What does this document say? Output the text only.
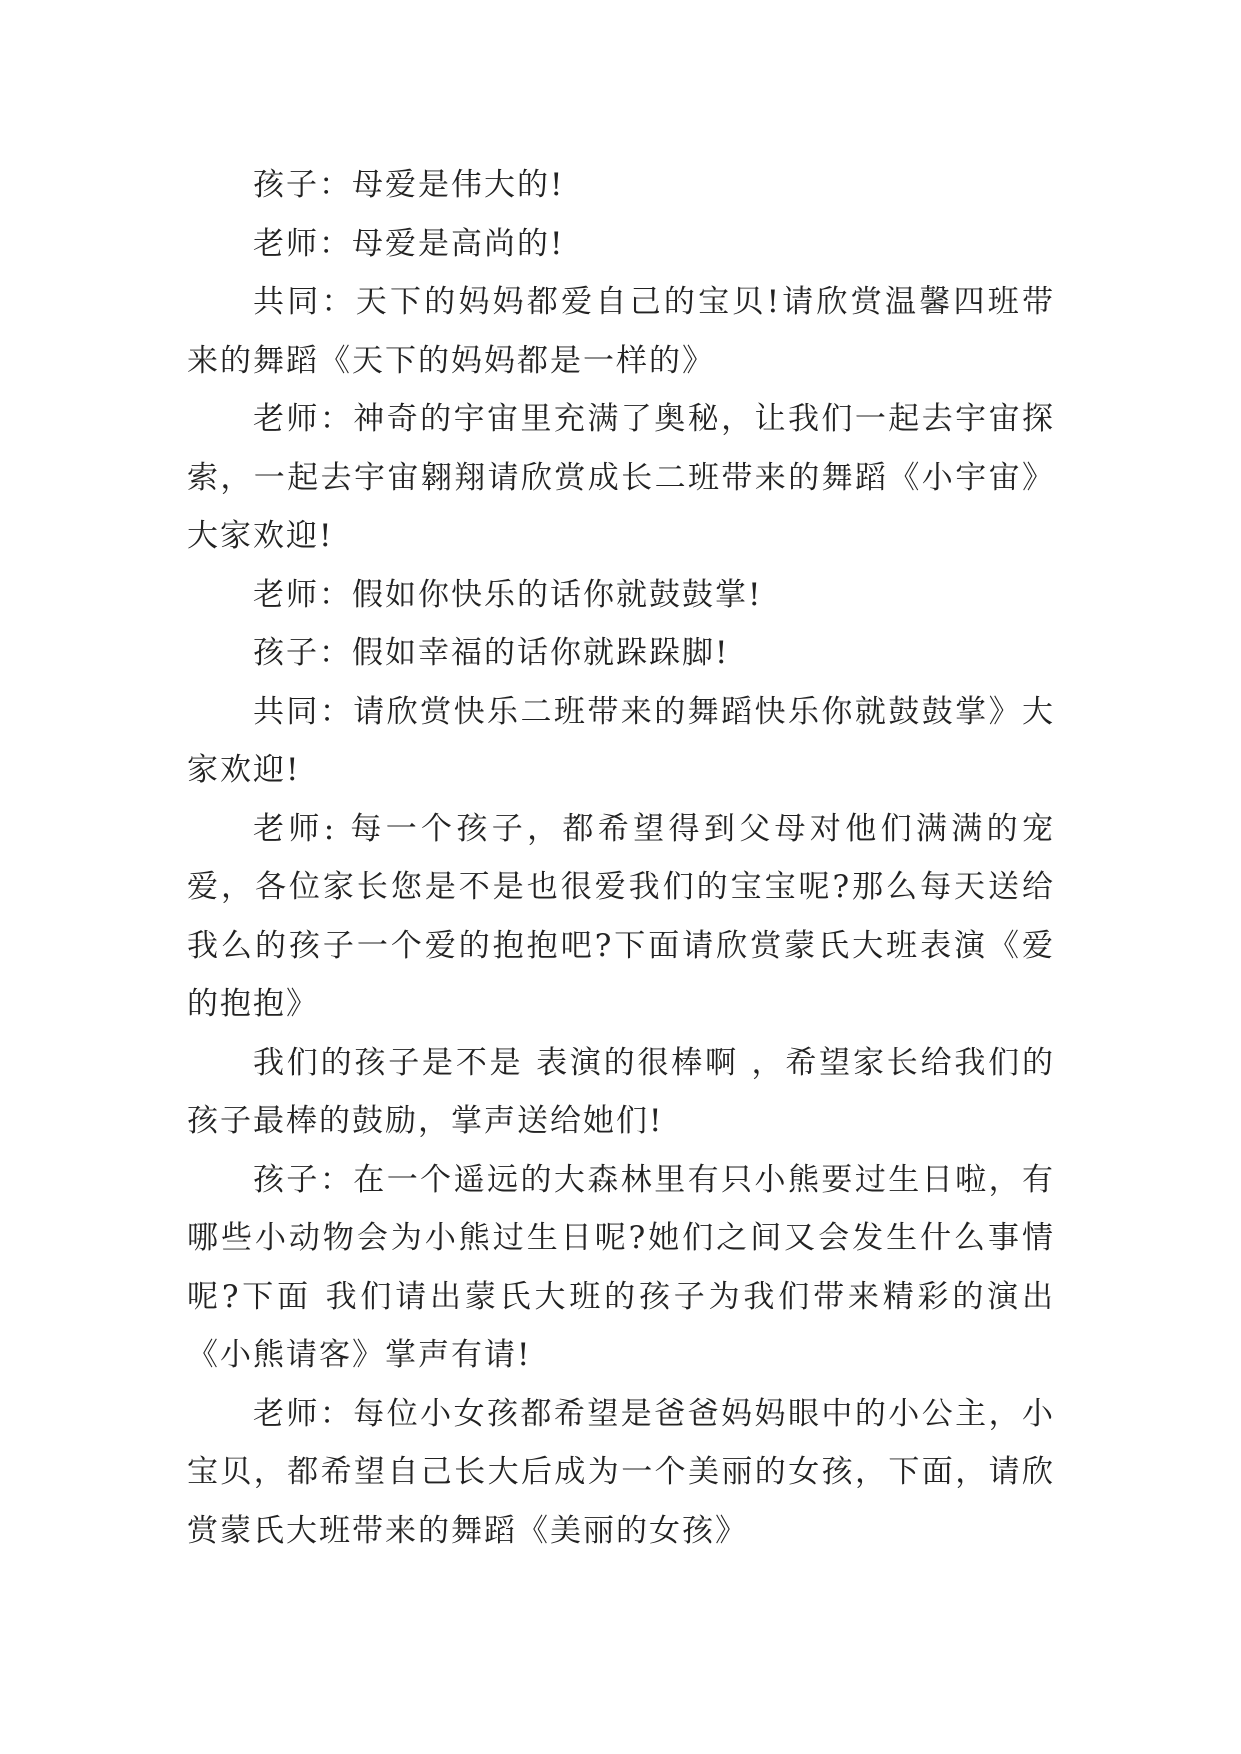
孩子：母爱是伟大的!

老师：母爱是高尚的!

共同：天下的妈妈都爱自己的宝贝!请欣赏温馨四班带来的舞蹈《天下的妈妈都是一样的》

老师：神奇的宇宙里充满了奥秘，让我们一起去宇宙探索，一起去宇宙翱翔请欣赏成长二班带来的舞蹈《小宇宙》大家欢迎!

老师：假如你快乐的话你就鼓鼓掌!

孩子：假如幸福的话你就跺跺脚!

共同：请欣赏快乐二班带来的舞蹈快乐你就鼓鼓掌》大家欢迎!

老师: 每一个孩子，都希望得到父母对他们满满的宠爱，各位家长您是不是也很爱我们的宝宝呢?那么每天送给我么的孩子一个爱的抱抱吧?下面请欣赏蒙氏大班表演《爱的抱抱》

我们的孩子是不是 表演的很棒啊 ，希望家长给我们的孩子最棒的鼓励，掌声送给她们!

孩子：在一个遥远的大森林里有只小熊要过生日啦，有哪些小动物会为小熊过生日呢?她们之间又会发生什么事情呢?下面 我们请出蒙氏大班的孩子为我们带来精彩的演出《小熊请客》掌声有请!

老师：每位小女孩都希望是爸爸妈妈眼中的小公主，小宝贝，都希望自己长大后成为一个美丽的女孩，下面，请欣赏蒙氏大班带来的舞蹈《美丽的女孩》
